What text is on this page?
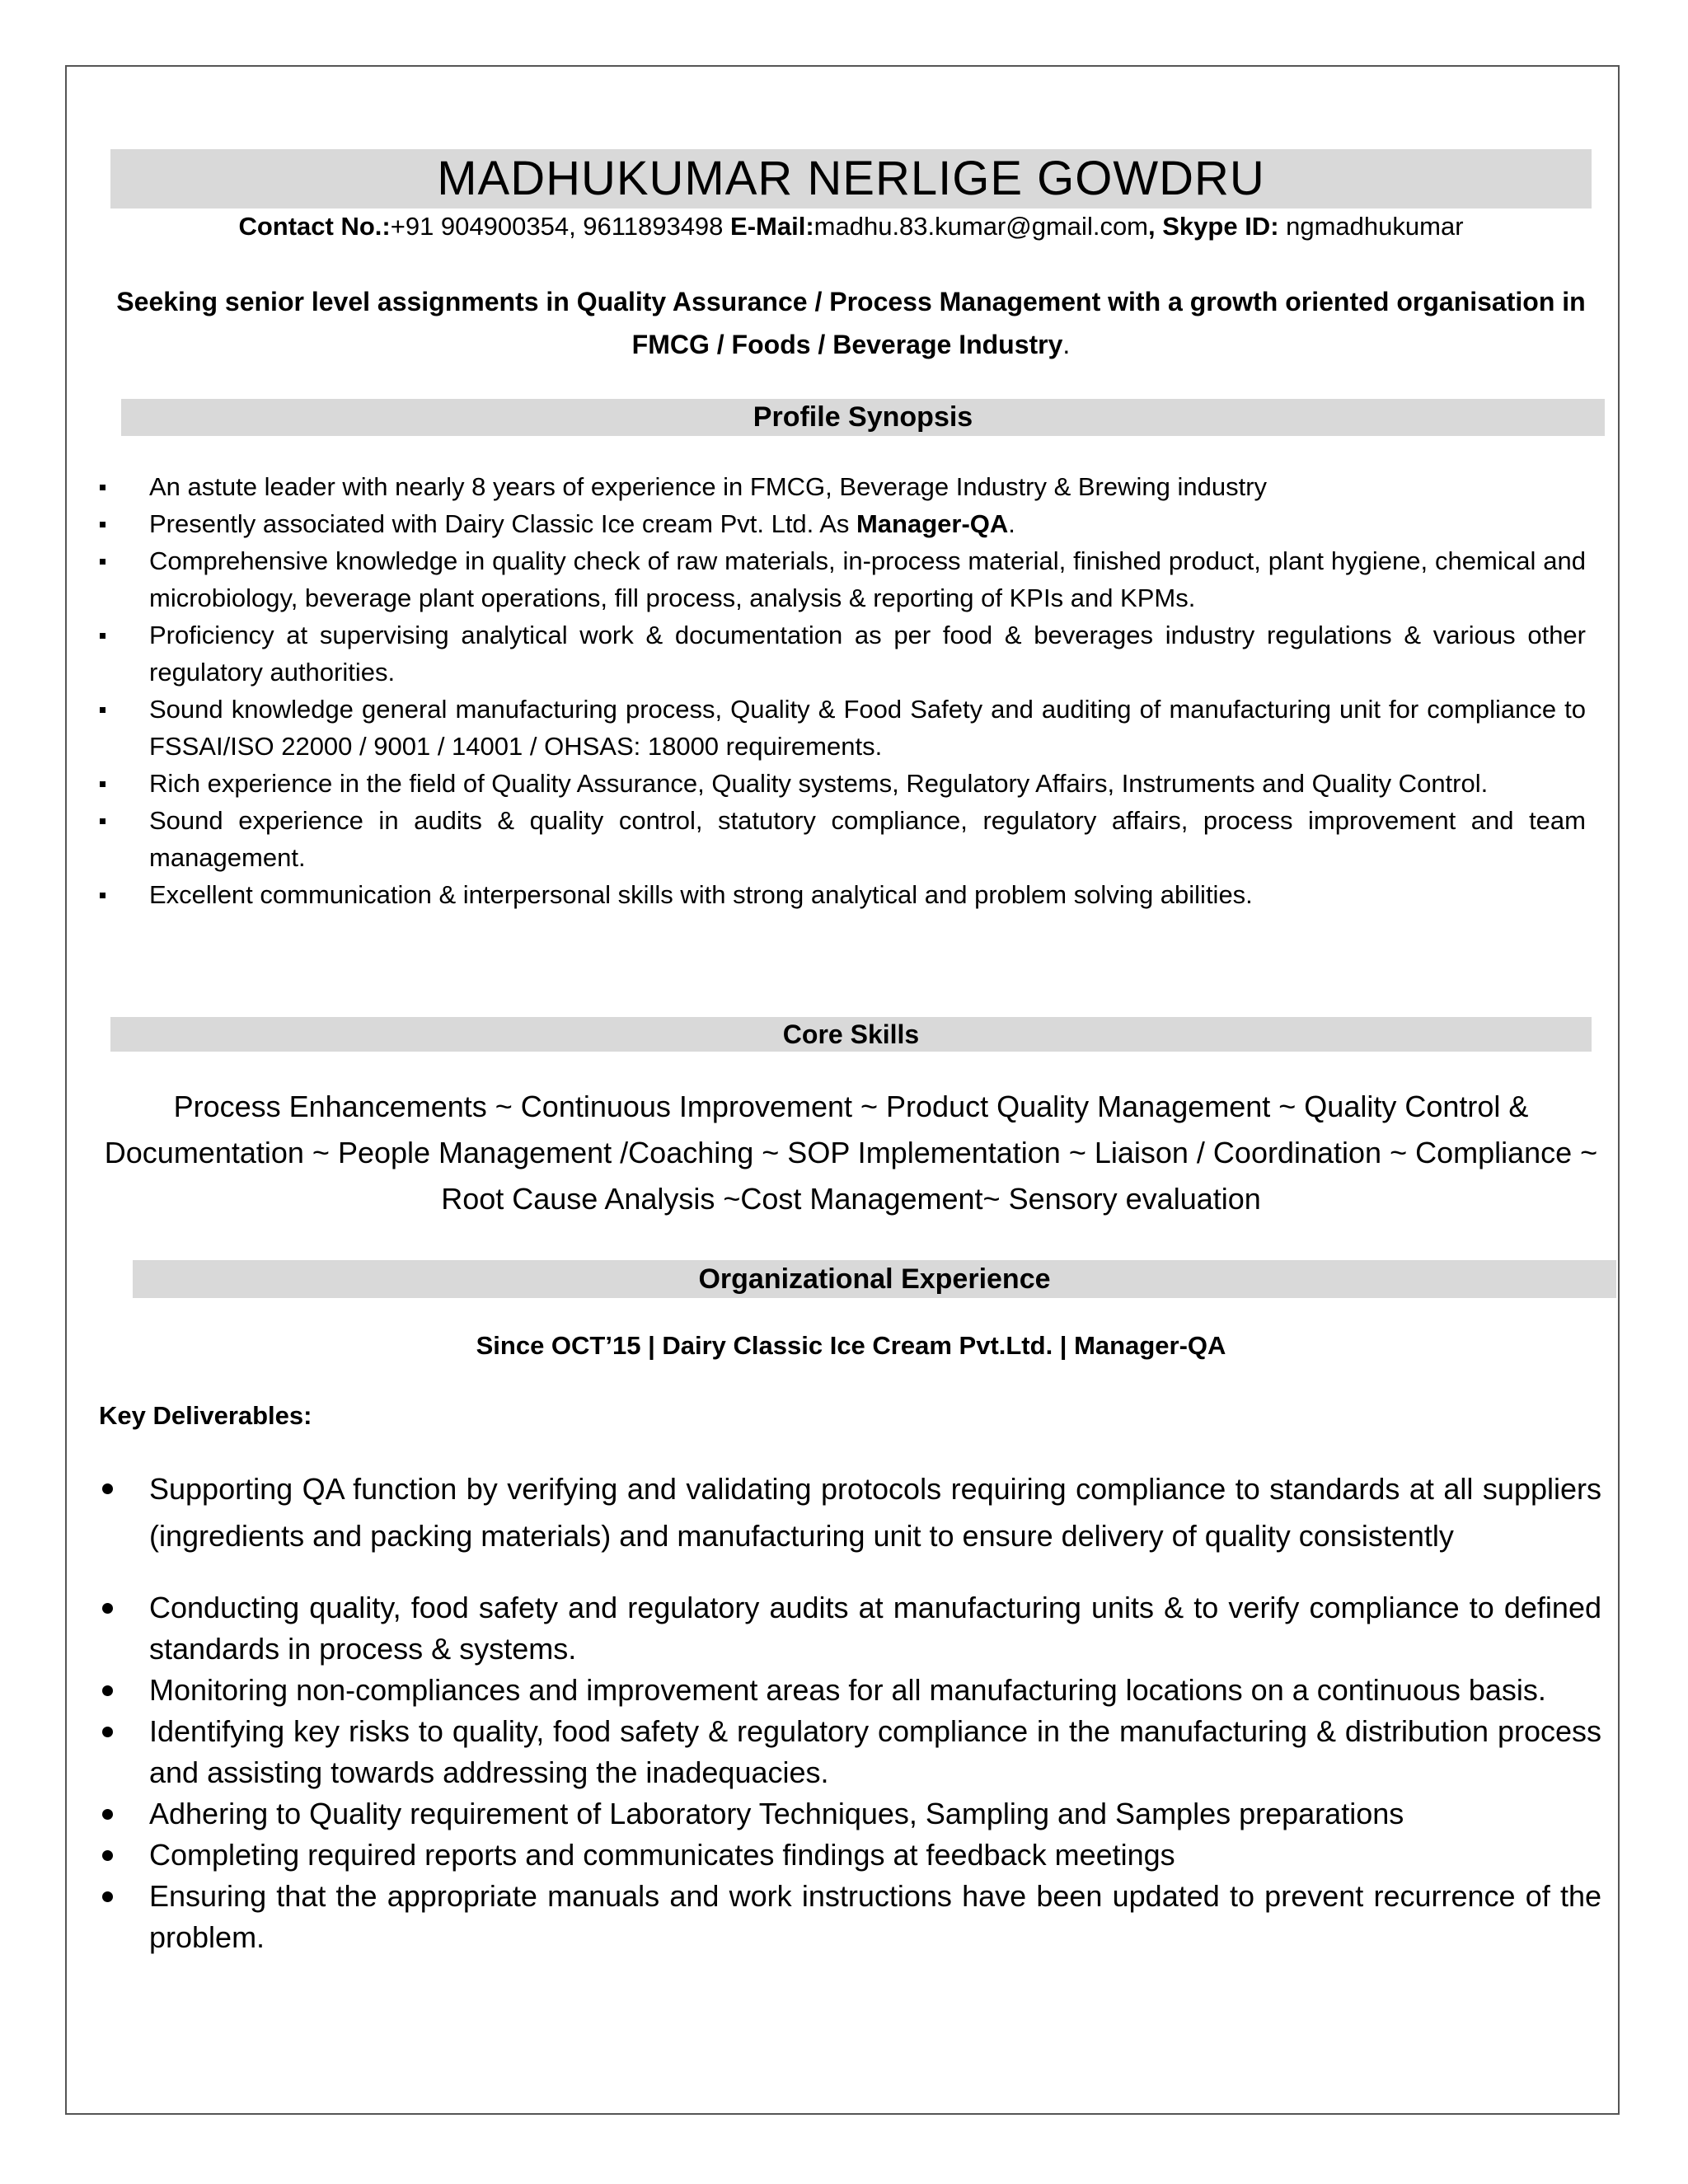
MADHUKUMAR NERLIGE GOWDRU
Contact No.:+91 904900354, 9611893498 E-Mail:madhu.83.kumar@gmail.com, Skype ID: ngmadhukumar
Seeking senior level assignments in Quality Assurance / Process Management with a growth oriented organisation in FMCG / Foods / Beverage Industry.
Profile Synopsis
An astute leader with nearly 8 years of experience in FMCG, Beverage Industry & Brewing industry
Presently associated with Dairy Classic Ice cream Pvt. Ltd. As Manager-QA.
Comprehensive knowledge in quality check of raw materials, in-process material, finished product, plant hygiene, chemical and microbiology, beverage plant operations, fill process, analysis & reporting of KPIs and KPMs.
Proficiency at supervising analytical work & documentation as per food & beverages industry regulations & various other regulatory authorities.
Sound knowledge general manufacturing process, Quality & Food Safety and auditing of manufacturing unit for compliance to FSSAI/ISO 22000 / 9001 / 14001 / OHSAS: 18000 requirements.
Rich experience in the field of Quality Assurance, Quality systems, Regulatory Affairs, Instruments and Quality Control.
Sound experience in audits & quality control, statutory compliance, regulatory affairs, process improvement and team management.
Excellent communication & interpersonal skills with strong analytical and problem solving abilities.
Core Skills
Process Enhancements ~ Continuous Improvement ~ Product Quality Management ~ Quality Control & Documentation ~ People Management /Coaching ~ SOP Implementation ~ Liaison / Coordination ~ Compliance ~ Root Cause Analysis ~Cost Management~ Sensory evaluation
Organizational Experience
Since OCT’15 | Dairy Classic Ice Cream Pvt.Ltd. | Manager-QA
Key Deliverables:
Supporting QA function by verifying and validating protocols requiring compliance to standards at all suppliers (ingredients and packing materials) and manufacturing unit to ensure delivery of quality consistently
Conducting quality, food safety and regulatory audits at manufacturing units & to verify compliance to defined standards in process & systems.
Monitoring non-compliances and improvement areas for all manufacturing locations on a continuous basis.
Identifying key risks to quality, food safety & regulatory compliance in the manufacturing & distribution process and assisting towards addressing the inadequacies.
Adhering to Quality requirement of Laboratory Techniques, Sampling and Samples preparations
Completing required reports and communicates findings at feedback meetings
Ensuring that the appropriate manuals and work instructions have been updated to prevent recurrence of the problem.
